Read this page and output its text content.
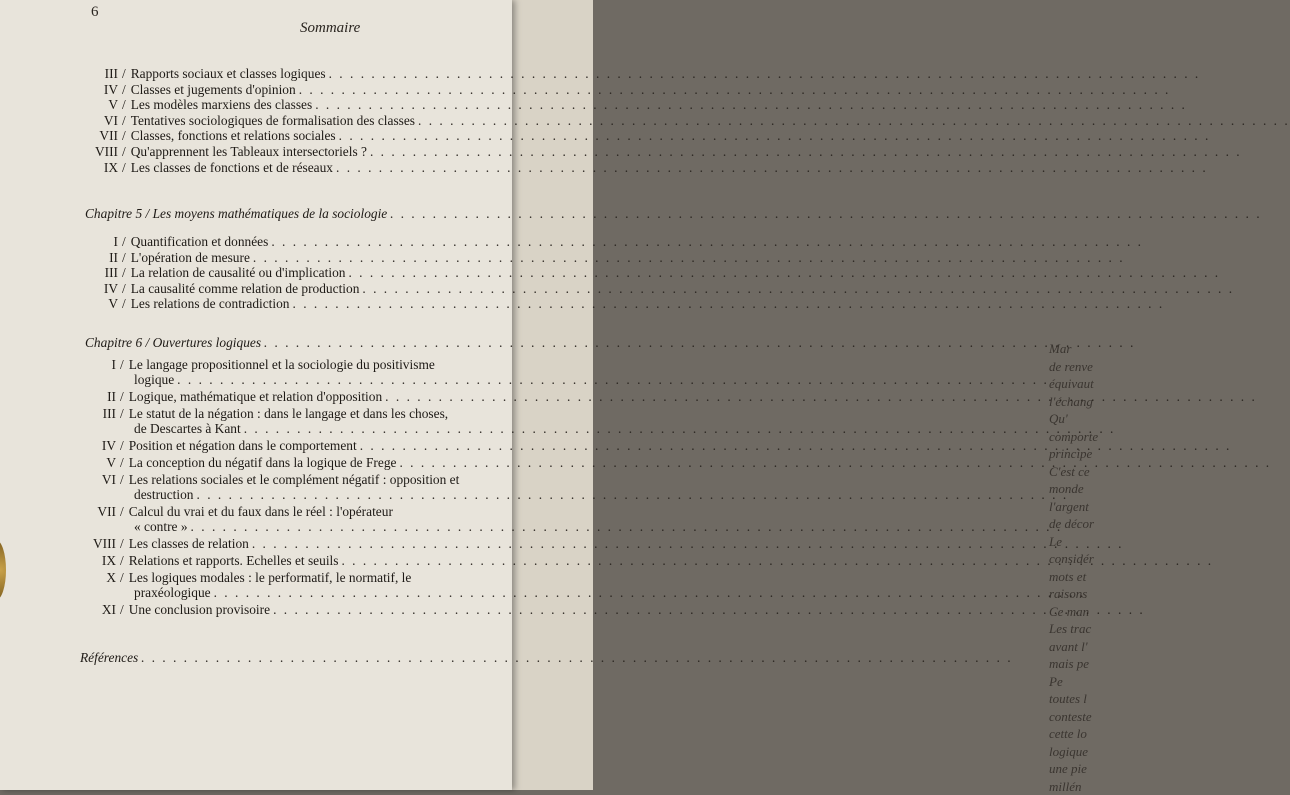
Mar
de renve
équivaut
l'échang
Qu'
comporte
principe
C'est ce
monde
l'argent
de décor
Le
considér
mots et
raisons
Ce man
Les trac
avant l'
mais pe
Pe
toutes l
conteste
cette lo
logique
une pie
millén
6
Sommaire
III / Rapports sociaux et classes logiques
. . .
IV / Classes et jugements d'opinion
. . .
V / Les modèles marxiens des classes
. . .
VI / Tentatives sociologiques de formalisation des classes
. . .
VII / Classes, fonctions et relations sociales
. . .
VIII / Qu'apprennent les Tableaux intersectoriels ?
. . .
IX / Les classes de fonctions et de réseaux
. . .
Chapitre 5 / Les moyens mathématiques de la sociologie
. . .
I / Quantification et données
. . .
II / L'opération de mesure
. . .
III / La relation de causalité ou d'implication
. . .
IV / La causalité comme relation de production
. . .
V / Les relations de contradiction
. . .
Chapitre 6 / Ouvertures logiques
. . .
I / Le langage propositionnel et la sociologie du positivisme
logique
. . .
II / Logique, mathématique et relation d'opposition
. . .
III / Le statut de la négation : dans le langage et dans les choses,
de Descartes à Kant
. . .
IV / Position et négation dans le comportement
. . .
V / La conception du négatif dans la logique de Frege
. . .
VI / Les relations sociales et le complément négatif : opposition et
destruction
. . .
VII / Calcul du vrai et du faux dans le réel : l'opérateur
« contre »
. . .
VIII / Les classes de relation
. . .
IX / Relations et rapports. Echelles et seuils
. . .
X / Les logiques modales : le performatif, le normatif, le
praxéologique
. . .
XI / Une conclusion provisoire
. . .
Références
. . .
